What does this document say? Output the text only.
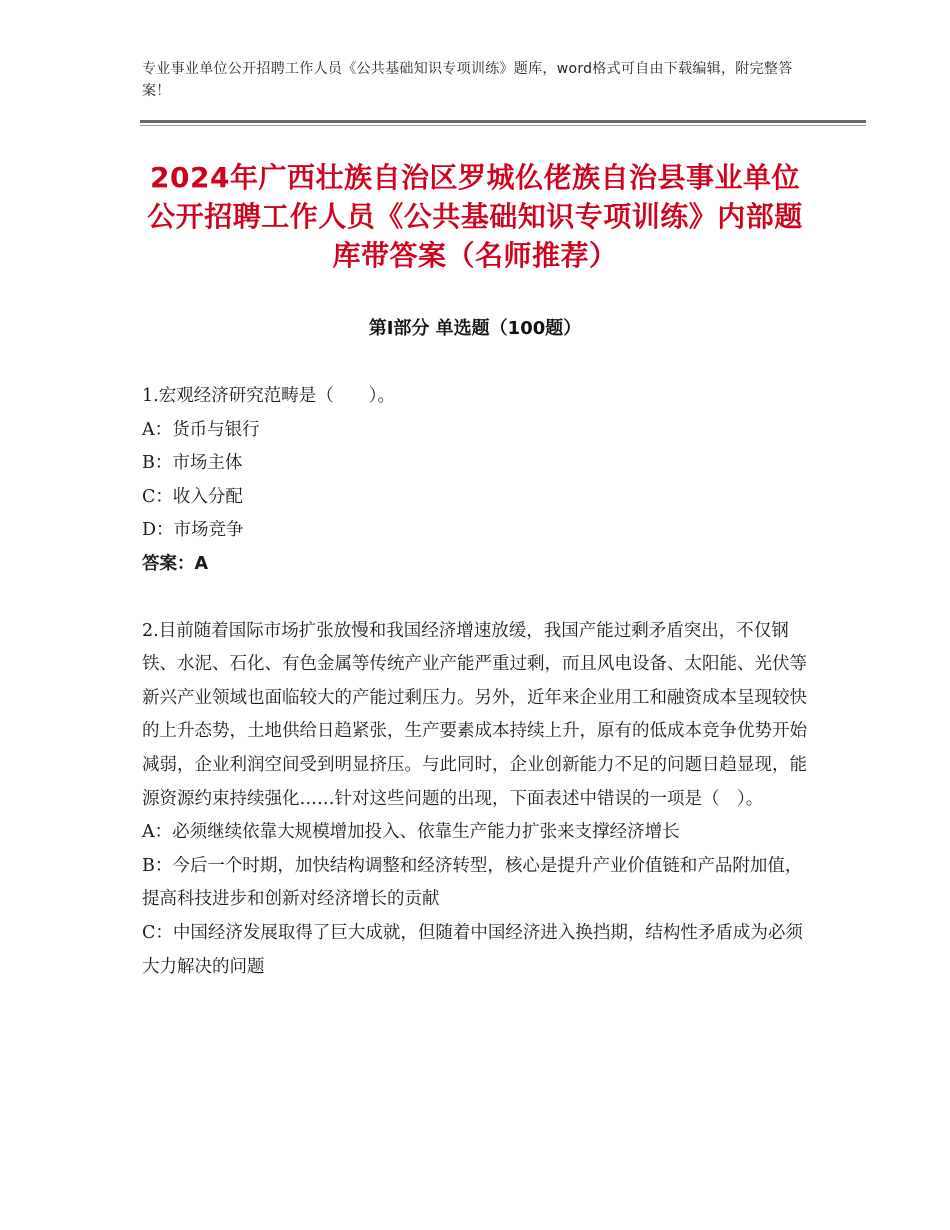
专业事业单位公开招聘工作人员《公共基础知识专项训练》题库，word格式可自由下载编辑，附完整答案！
2024年广西壮族自治区罗城仫佬族自治县事业单位公开招聘工作人员《公共基础知识专项训练》内部题库带答案（名师推荐）
第Ⅰ部分 单选题（100题）

1.宏观经济研究范畴是（　　）。

A：货币与银行

B：市场主体

C：收入分配

D：市场竞争

答案：A

2.目前随着国际市场扩张放慢和我国经济增速放缓，我国产能过剩矛盾突出，不仅钢铁、水泥、石化、有色金属等传统产业产能严重过剩，而且风电设备、太阳能、光伏等新兴产业领域也面临较大的产能过剩压力。另外，近年来企业用工和融资成本呈现较快的上升态势，土地供给日趋紧张，生产要素成本持续上升，原有的低成本竞争优势开始减弱，企业利润空间受到明显挤压。与此同时，企业创新能力不足的问题日趋显现，能源资源约束持续强化……针对这些问题的出现，下面表述中错误的一项是（　）。

A：必须继续依靠大规模增加投入、依靠生产能力扩张来支撑经济增长

B：今后一个时期，加快结构调整和经济转型，核心是提升产业价值链和产品附加值，提高科技进步和创新对经济增长的贡献

C：中国经济发展取得了巨大成就，但随着中国经济进入换挡期，结构性矛盾成为必须大力解决的问题
